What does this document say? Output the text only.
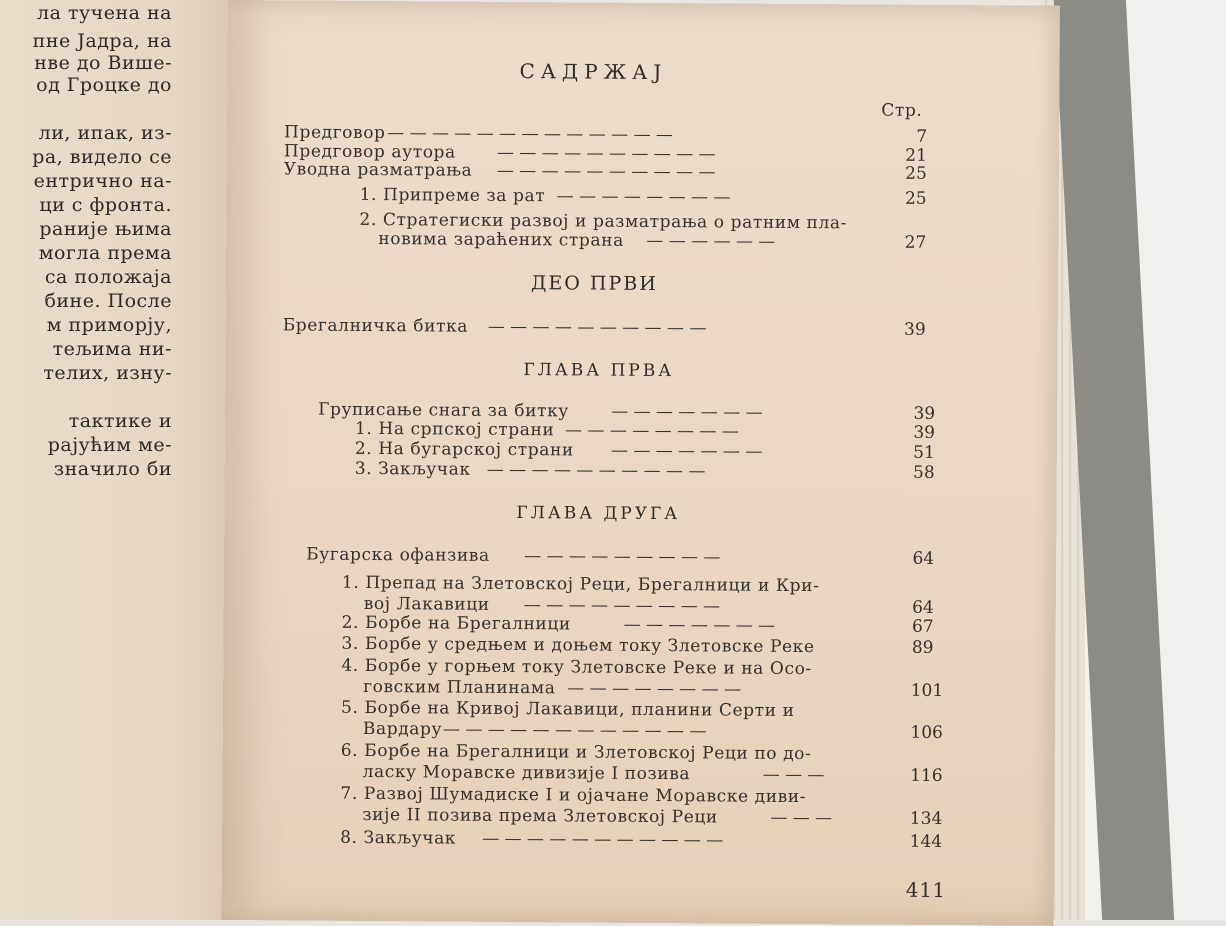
ла тучена на
пне Јадра, на
нве до Више-
од Гроцке до
ли, ипак, из-
ра, видело се
ентрично на-
ци с фронта.
раније њима
могла према
са положаја
бине. После
м приморју,
тељима ни-
телих, изну-
тактике и
рајућим ме-
значило би
САДРЖАЈ
Стр.
Предговор — — — — — — — — — — — — —	7
Предговор аутора — — — — — — — — — —	21
Уводна разматрања — — — — — — — — — —	25
1. Припреме за рат — — — — — — — —	25
2. Стратегиски развој и разматрања о ратним пла-
новима зараћених страна — — — — — —	27
ДЕО ПРВИ
Брегалничка битка — — — — — — — — — —	39
ГЛАВА ПРВА
Груписање снага за битку — — — — — — —	39
1. На српској страни — — — — — — — —	39
2. На бугарској страни — — — — — — —	51
3. Закључак — — — — — — — — — —	58
ГЛАВА ДРУГА
Бугарска офанзива — — — — — — — — —	64
1. Препад на Злетовској Реци, Брегалници и Кри-
вој Лакавици — — — — — — — — —	64
2. Борбе на Брегалници	— — — — — — —	67
3. Борбе у средњем и доњем току Злетовске Реке	89
4. Борбе у горњем току Злетовске Реке и на Осо-
говским Планинама — — — — — — — —	101
5. Борбе на Кривој Лакавици, планини Серти и
Вардару — — — — — — — — — — — —	106
6. Борбе на Брегалници и Злетовској Реци по до-
ласку Моравске дивизије I позива	— — —	116
7. Развој Шумадиске I и ојачане Моравске диви-
зије II позива према Злетовској Реци	— — —	134
8. Закључак — — — — — — — — — — —	144
411
